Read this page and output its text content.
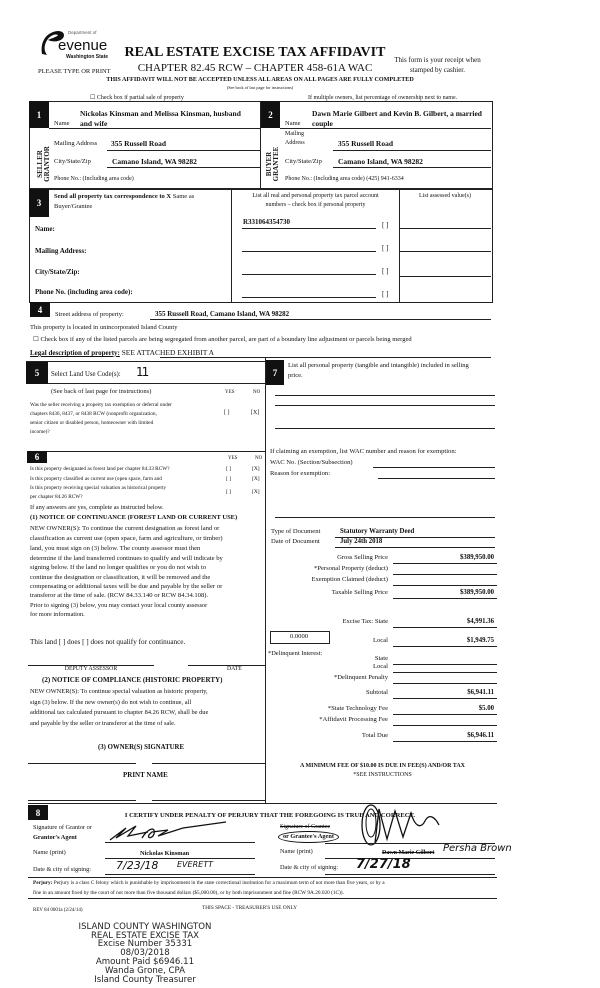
Department of
evenue
Washington State
PLEASE TYPE OR PRINT
REAL ESTATE EXCISE TAX AFFIDAVIT
CHAPTER 82.45 RCW – CHAPTER 458-61A WAC
This form is your receipt when
stamped by cashier.
THIS AFFIDAVIT WILL NOT BE ACCEPTED UNLESS ALL AREAS ON ALL PAGES ARE FULLY COMPLETED
(See back of last page for instructions)
☐ Check box if partial sale of property	If multiple owners, list percentage of ownership next to name.
1	2
SELLER
GRANTOR	BUYER
GRANTEE
Nickolas Kinsman and Melissa Kinsman, husband
Name and wife
Mailing Address 355 Russell Road
City/State/Zip	Camano Island, WA 98282
Phone No.: (Including area code)
Dawn Marie Gilbert and Kevin B. Gilbert, a married
Name couple
Mailing
Address	355 Russell Road
City/State/Zip Camano Island, WA 98282
Phone No.: (Including area code) (425) 941-6334
3
Send all property tax correspondence to X Same as
Buyer/Grantee
Name:
Mailing Address:
City/State/Zip:
Phone No. (including area code):
List all real and personal property tax parcel account
numbers – check box if personal property
List assessed value(s)
R331064354730	[ ]
[ ]
[ ]
[ ]
4	Street address of property:	355 Russell Road, Camano Island, WA 98282
This property is located in unincorporated Island County
☐ Check box if any of the listed parcels are being segregated from another parcel, are part of a boundary line adjustment or parcels being merged
Legal description of property: SEE ATTACHED EXHIBIT A
5	Select Land Use Code(s): 11	7
List all personal property (tangible and intangible) included in selling
price.
(See back of last page for instructions)	YES	NO
Was the seller receiving a property tax exemption or deferral under
chapters 8436, 8437, or 8438 RCW (nonprofit organization,
senior citizen or disabled person, homeowner with limited
income)?
[ ]	[X]
6	YES	NO
Is this property designated as forest land per chapter 84.33 RCW?	[ ]	[X]
Is this property classified as current use (open space, farm and	[ ]	[X]
Is this property receiving special valuation as historical property
per chapter 84.26 RCW?
[ ]	[X]
If any answers are yes, complete as instructed below.
(1) NOTICE OF CONTINUANCE (FOREST LAND OR CURRENT USE)
NEW OWNER(S): To continue the current designation as forest land or
classification as current use (open space, farm and agriculture, or timber)
land, you must sign on (3) below. The county assessor must then
determine if the land transferred continues to qualify and will indicate by
signing below. If the land no longer qualifies or you do not wish to
continue the designation or classification, it will be removed and the
compensating or additional taxes will be due and payable by the seller or
transferor at the time of sale. (RCW 84.33.140 or RCW 84.34.108).
Prior to signing (3) below, you may contact your local county assessor
for more information.
This land [ ] does [ ] does not qualify for continuance.
DEPUTY ASSESSOR	DATE
(2) NOTICE OF COMPLIANCE (HISTORIC PROPERTY)
NEW OWNER(S): To continue special valuation as historic property,
sign (3) below. If the new owner(s) do not wish to continue, all
additional tax calculated pursuant to chapter 84.26 RCW, shall be due
and payable by the seller or transferor at the time of sale.
(3) OWNER(S) SIGNATURE
PRINT NAME
If claiming an exemption, list WAC number and reason for exemption:
WAC No. (Section/Subsection)
Reason for exemption:
Type of Document	Statutory Warranty Deed
Date of Document	July 24th 2018
0.0000
*Delinquent Interest:
A MINIMUM FEE OF $10.00 IS DUE IN FEE(S) AND/OR TAX
*SEE INSTRUCTIONS
8	I CERTIFY UNDER PENALTY OF PERJURY THAT THE FOREGOING IS TRUE AND CORRECT.
Signature of Grantor or
Grantor's Agent
Name (print)	Nickolas Kinsman
Date & city of signing: 7/23/18 EVERETT
Signature of Grantee
or Grantee's Agent
Name (print)	Dawn Marie Gilbert Persha Brown
Date & city of signing: 7/27/18
Perjury: Perjury is a class C felony which is punishable by imprisonment in the state correctional institution for a maximum term of not more than five years, or by a
fine in an amount fixed by the court of not more than five thousand dollars ($5,000.00), or by both imprisonment and fine (RCW 9A.20.020 (1C)).
REV 84 0001a (2/24/14)	THIS SPACE - TREASURER'S USE ONLY
ISLAND COUNTY WASHINGTON
REAL ESTATE EXCISE TAX
Excise Number 35331
08/03/2018
Amount Paid $6946.11
Wanda Grone, CPA
Island County Treasurer
Gross Selling Price	$389,950.00
*Personal Property (deduct)
Exemption Claimed (deduct)
Taxable Selling Price	$389,950.00
Excise Tax: State	$4,991.36
Local	$1,949.75
State
Local
*Delinquent Penalty
Subtotal	$6,941.11
*State Technology Fee	$5.00
*Affidavit Processing Fee
Total Due	$6,946.11
